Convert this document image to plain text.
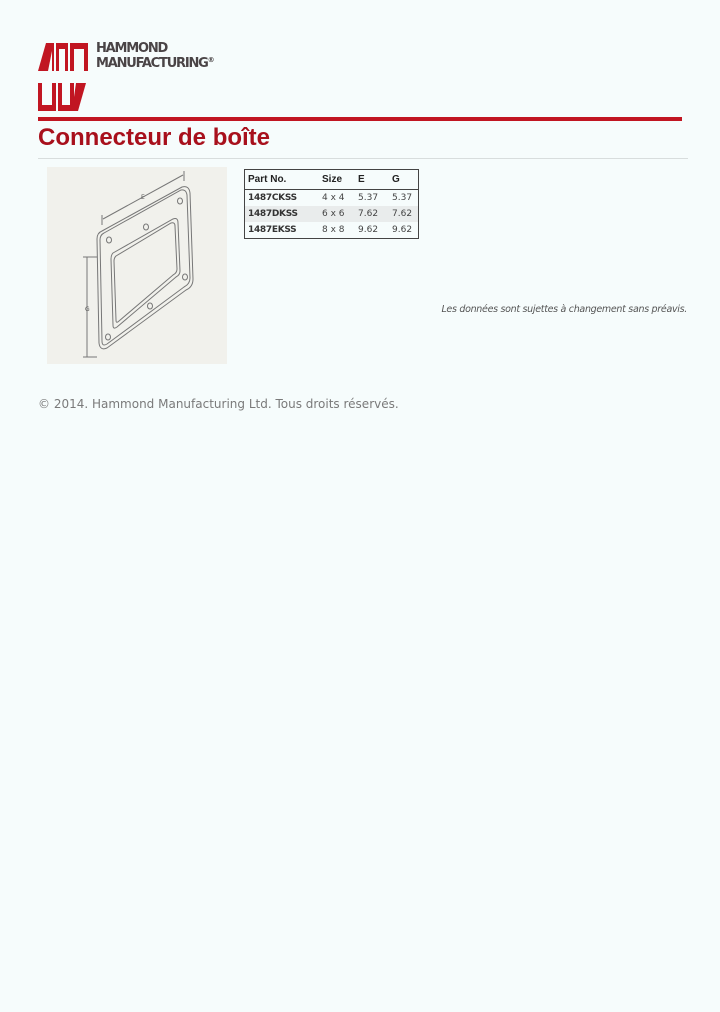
HAMMOND
MANUFACTURING®
Connecteur de boîte
E
G
Part No.	Size	E	G
1487CKSS	4 x 4	5.37	5.37
1487DKSS	6 x 6	7.62	7.62
1487EKSS	8 x 8	9.62	9.62
Les données sont sujettes à changement sans préavis.
© 2014. Hammond Manufacturing Ltd. Tous droits réservés.
